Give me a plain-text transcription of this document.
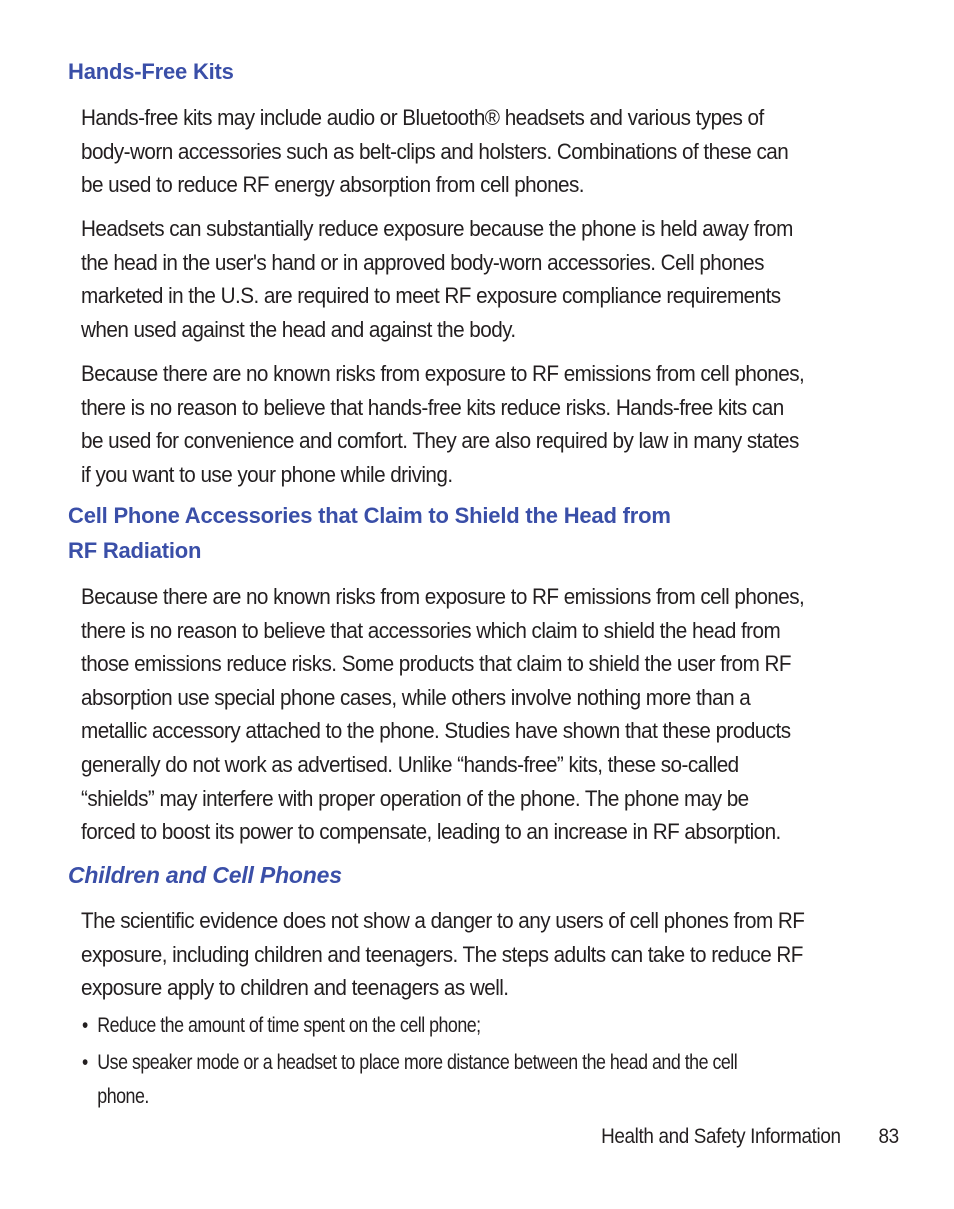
Hands-Free Kits
Hands-free kits may include audio or Bluetooth® headsets and various types of
body-worn accessories such as belt-clips and holsters. Combinations of these can
be used to reduce RF energy absorption from cell phones.
Headsets can substantially reduce exposure because the phone is held away from
the head in the user's hand or in approved body-worn accessories. Cell phones
marketed in the U.S. are required to meet RF exposure compliance requirements
when used against the head and against the body.
Because there are no known risks from exposure to RF emissions from cell phones,
there is no reason to believe that hands-free kits reduce risks. Hands-free kits can
be used for convenience and comfort. They are also required by law in many states
if you want to use your phone while driving.
Cell Phone Accessories that Claim to Shield the Head from
RF Radiation
Because there are no known risks from exposure to RF emissions from cell phones,
there is no reason to believe that accessories which claim to shield the head from
those emissions reduce risks. Some products that claim to shield the user from RF
absorption use special phone cases, while others involve nothing more than a
metallic accessory attached to the phone. Studies have shown that these products
generally do not work as advertised. Unlike “hands-free” kits, these so-called
“shields” may interfere with proper operation of the phone. The phone may be
forced to boost its power to compensate, leading to an increase in RF absorption.
Children and Cell Phones
The scientific evidence does not show a danger to any users of cell phones from RF
exposure, including children and teenagers. The steps adults can take to reduce RF
exposure apply to children and teenagers as well.
• Reduce the amount of time spent on the cell phone;
• Use speaker mode or a headset to place more distance between the head and the cell
phone.
Health and Safety Information 83
